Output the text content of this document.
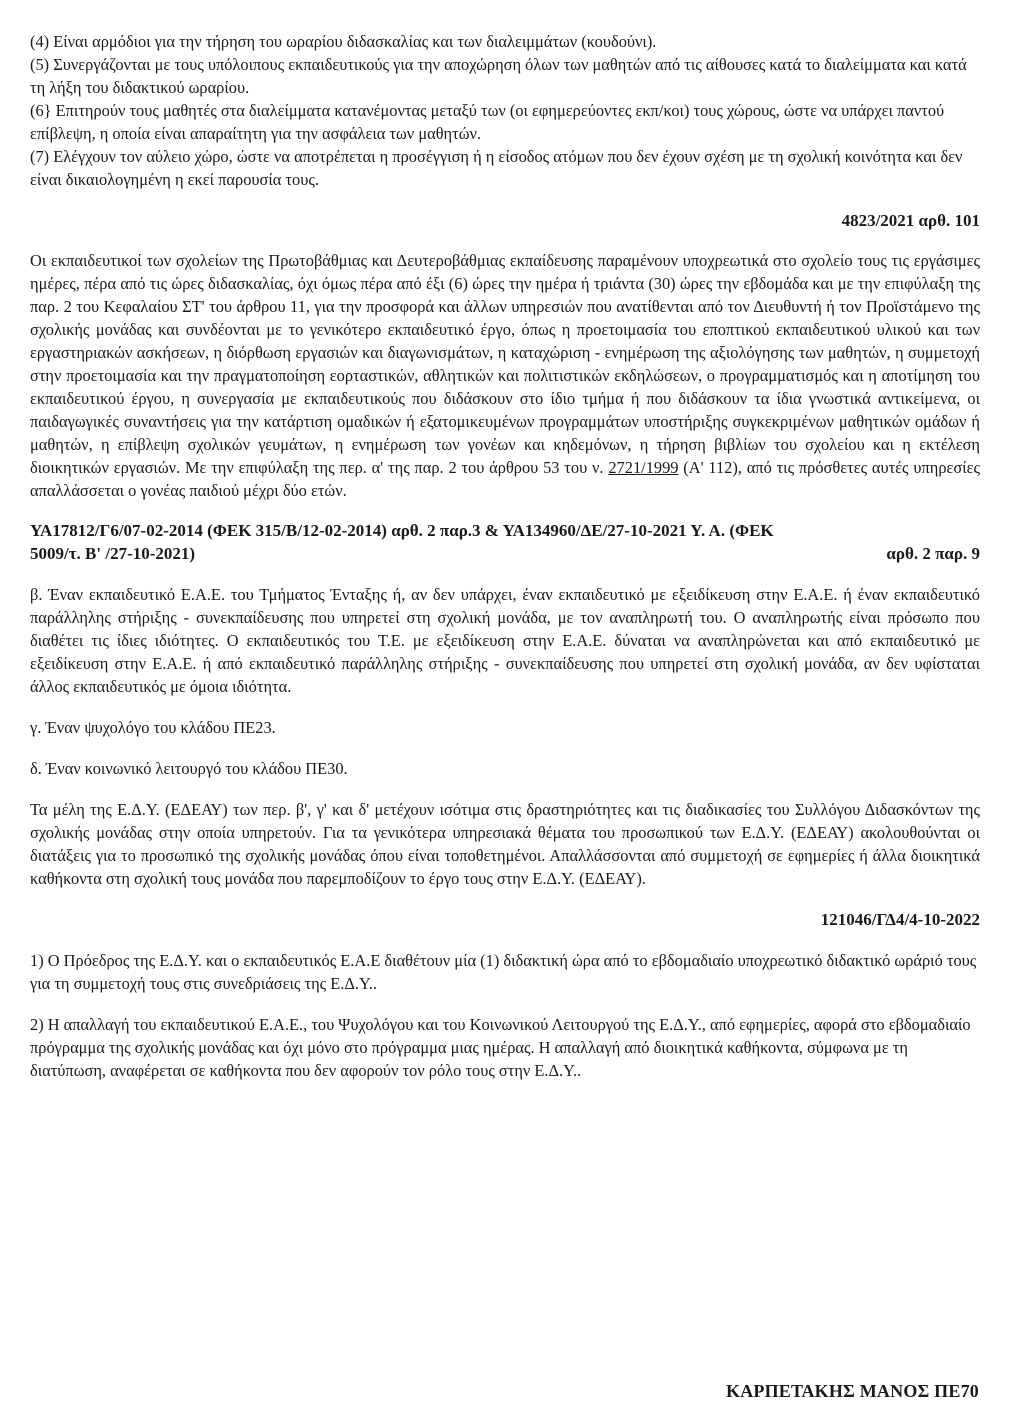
(4) Είναι αρμόδιοι για την τήρηση του ωραρίου διδασκαλίας και των διαλειμμάτων (κουδούνι).

(5) Συνεργάζονται με τους υπόλοιπους εκπαιδευτικούς για την αποχώρηση όλων των μαθητών από τις αίθουσες κατά το διαλείμματα και κατά τη λήξη του διδακτικού ωραρίου.

(6} Επιτηρούν τους μαθητές στα διαλείμματα κατανέμοντας μεταξύ των (οι εφημερεύοντες εκπ/κοι) τους χώρους, ώστε να υπάρχει παντού επίβλεψη, η οποία είναι απαραίτητη για την ασφάλεια των μαθητών.

(7) Ελέγχουν τον αύλειο χώρο, ώστε να αποτρέπεται η προσέγγιση ή η είσοδος ατόμων που δεν έχουν σχέση με τη σχολική κοινότητα και δεν είναι δικαιολογημένη η εκεί παρουσία τους.

4823/2021 αρθ. 101

Οι εκπαιδευτικοί των σχολείων της Πρωτοβάθμιας και Δευτεροβάθμιας εκπαίδευσης παραμένουν υποχρεωτικά στο σχολείο τους τις εργάσιμες ημέρες, πέρα από τις ώρες διδασκαλίας, όχι όμως πέρα από έξι (6) ώρες την ημέρα ή τριάντα (30) ώρες την εβδομάδα και με την επιφύλαξη της παρ. 2 του Κεφαλαίου ΣΤ' του άρθρου 11, για την προσφορά και άλλων υπηρεσιών που ανατίθενται από τον Διευθυντή ή τον Προϊστάμενο της σχολικής μονάδας και συνδέονται με το γενικότερο εκπαιδευτικό έργο, όπως η προετοιμασία του εποπτικού εκπαιδευτικού υλικού και των εργαστηριακών ασκήσεων, η διόρθωση εργασιών και διαγωνισμάτων, η καταχώριση - ενημέρωση της αξιολόγησης των μαθητών, η συμμετοχή στην προετοιμασία και την πραγματοποίηση εορταστικών, αθλητικών και πολιτιστικών εκδηλώσεων, ο προγραμματισμός και η αποτίμηση του εκπαιδευτικού έργου, η συνεργασία με εκπαιδευτικούς που διδάσκουν στο ίδιο τμήμα ή που διδάσκουν τα ίδια γνωστικά αντικείμενα, οι παιδαγωγικές συναντήσεις για την κατάρτιση ομαδικών ή εξατομικευμένων προγραμμάτων υποστήριξης συγκεκριμένων μαθητικών ομάδων ή μαθητών, η επίβλεψη σχολικών γευμάτων, η ενημέρωση των γονέων και κηδεμόνων, η τήρηση βιβλίων του σχολείου και η εκτέλεση διοικητικών εργασιών. Με την επιφύλαξη της περ. α' της παρ. 2 του άρθρου 53 του ν. 2721/1999 (Α' 112), από τις πρόσθετες αυτές υπηρεσίες απαλλάσσεται ο γονέας παιδιού μέχρι δύο ετών.

ΥΑ17812/Γ6/07-02-2014 (ΦΕΚ 315/Β/12-02-2014) αρθ. 2 παρ.3 & ΥΑ134960/ΔΕ/27-10-2021 Υ. Α. (ΦΕΚ

5009/τ. Β' /27-10-2021)	αρθ. 2 παρ. 9

β. Έναν εκπαιδευτικό Ε.Α.Ε. του Τμήματος Ένταξης ή, αν δεν υπάρχει, έναν εκπαιδευτικό με εξειδίκευση στην Ε.Α.Ε. ή έναν εκπαιδευτικό παράλληλης στήριξης - συνεκπαίδευσης που υπηρετεί στη σχολική μονάδα, με τον αναπληρωτή του. Ο αναπληρωτής είναι πρόσωπο που διαθέτει τις ίδιες ιδιότητες. Ο εκπαιδευτικός του Τ.Ε. με εξειδίκευση στην Ε.Α.Ε. δύναται να αναπληρώνεται και από εκπαιδευτικό με εξειδίκευση στην Ε.Α.Ε. ή από εκπαιδευτικό παράλληλης στήριξης - συνεκπαίδευσης που υπηρετεί στη σχολική μονάδα, αν δεν υφίσταται άλλος εκπαιδευτικός με όμοια ιδιότητα.

γ. Έναν ψυχολόγο του κλάδου ΠΕ23.

δ. Έναν κοινωνικό λειτουργό του κλάδου ΠΕ30.

Τα μέλη της Ε.Δ.Υ. (ΕΔΕΑΥ) των περ. β', γ' και δ' μετέχουν ισότιμα στις δραστηριότητες και τις διαδικασίες του Συλλόγου Διδασκόντων της σχολικής μονάδας στην οποία υπηρετούν. Για τα γενικότερα υπηρεσιακά θέματα του προσωπικού των Ε.Δ.Υ. (ΕΔΕΑΥ) ακολουθούνται οι διατάξεις για το προσωπικό της σχολικής μονάδας όπου είναι τοποθετημένοι. Απαλλάσσονται από συμμετοχή σε εφημερίες ή άλλα διοικητικά καθήκοντα στη σχολική τους μονάδα που παρεμποδίζουν το έργο τους στην Ε.Δ.Υ. (ΕΔΕΑΥ).

121046/ΓΔ4/4-10-2022

1) Ο Πρόεδρος της Ε.Δ.Υ. και ο εκπαιδευτικός Ε.Α.Ε διαθέτουν μία (1) διδακτική ώρα από το εβδομαδιαίο υποχρεωτικό διδακτικό ωράριό τους για τη συμμετοχή τους στις συνεδριάσεις της Ε.Δ.Υ..

2) Η απαλλαγή του εκπαιδευτικού Ε.Α.Ε., του Ψυχολόγου και του Κοινωνικού Λειτουργού της Ε.Δ.Υ., από εφημερίες, αφορά στο εβδομαδιαίο πρόγραμμα της σχολικής μονάδας και όχι μόνο στο πρόγραμμα μιας ημέρας. Η απαλλαγή από διοικητικά καθήκοντα, σύμφωνα με τη διατύπωση, αναφέρεται σε καθήκοντα που δεν αφορούν τον ρόλο τους στην Ε.Δ.Υ..

ΚΑΡΠΕΤΑΚΗΣ ΜΑΝΟΣ ΠΕ70
